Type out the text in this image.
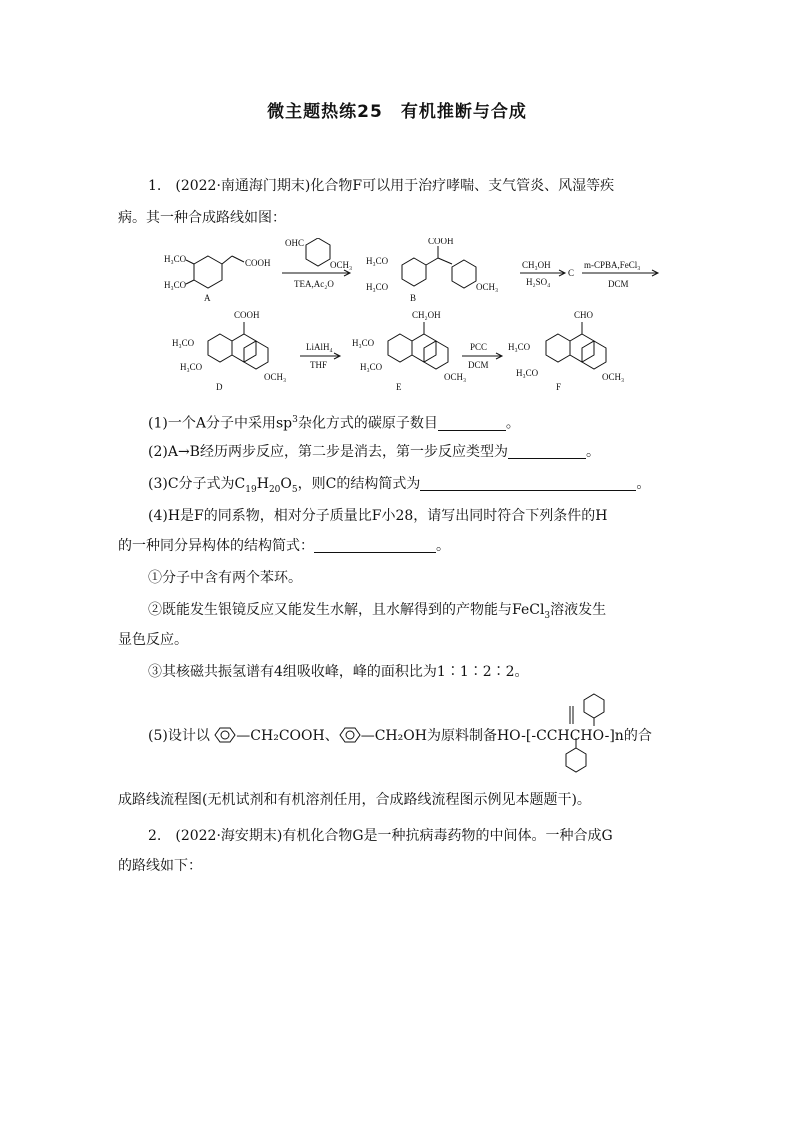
微主题热练25　有机推断与合成
1.　(2022·南通海门期末)化合物F可以用于治疗哮喘、支气管炎、风湿等疾
病。其一种合成路线如图：
H₃CO
H₃CO
COOH
A
OHC
OCH₃
TEA,Ac₂O
H₃CO
H₃CO
COOH
OCH₃
B
CH₃OH
H₂SO₄
C
m-CPBA,FeCl₃
DCM
H₃CO
H₃CO
COOH
OCH₃
D
LiAlH₄
THF
H₃CO
H₃CO
CH₂OH
OCH₃
E
PCC
DCM
H₃CO
H₃CO
CHO
OCH₃
F
(1)一个A分子中采用$sp^3$杂化方式的碳原子数目	。
(2)A→B经历两步反应，第二步是消去，第一步反应类型为	。
(3)C分子式为$C_{19}H_{20}O_5$，则C的结构简式为	。
(4)H是F的同系物，相对分子质量比F小28，请写出同时符合下列条件的H
的一种同分异构体的结构简式：	。
①分子中含有两个苯环。
②既能发生银镜反应又能发生水解，且水解得到的产物能与FeCl$_3$溶液发生
显色反应。
③其核磁共振氢谱有4组吸收峰，峰的面积比为1∶1∶2∶2。
(5)设计以 —CH₂COOH、 —CH₂OH为原料制备HO-[-CCHCHO-]n的合
成路线流程图(无机试剂和有机溶剂任用，合成路线流程图示例见本题题干)。
2.　(2022·海安期末)有机化合物G是一种抗病毒药物的中间体。一种合成G
的路线如下：
